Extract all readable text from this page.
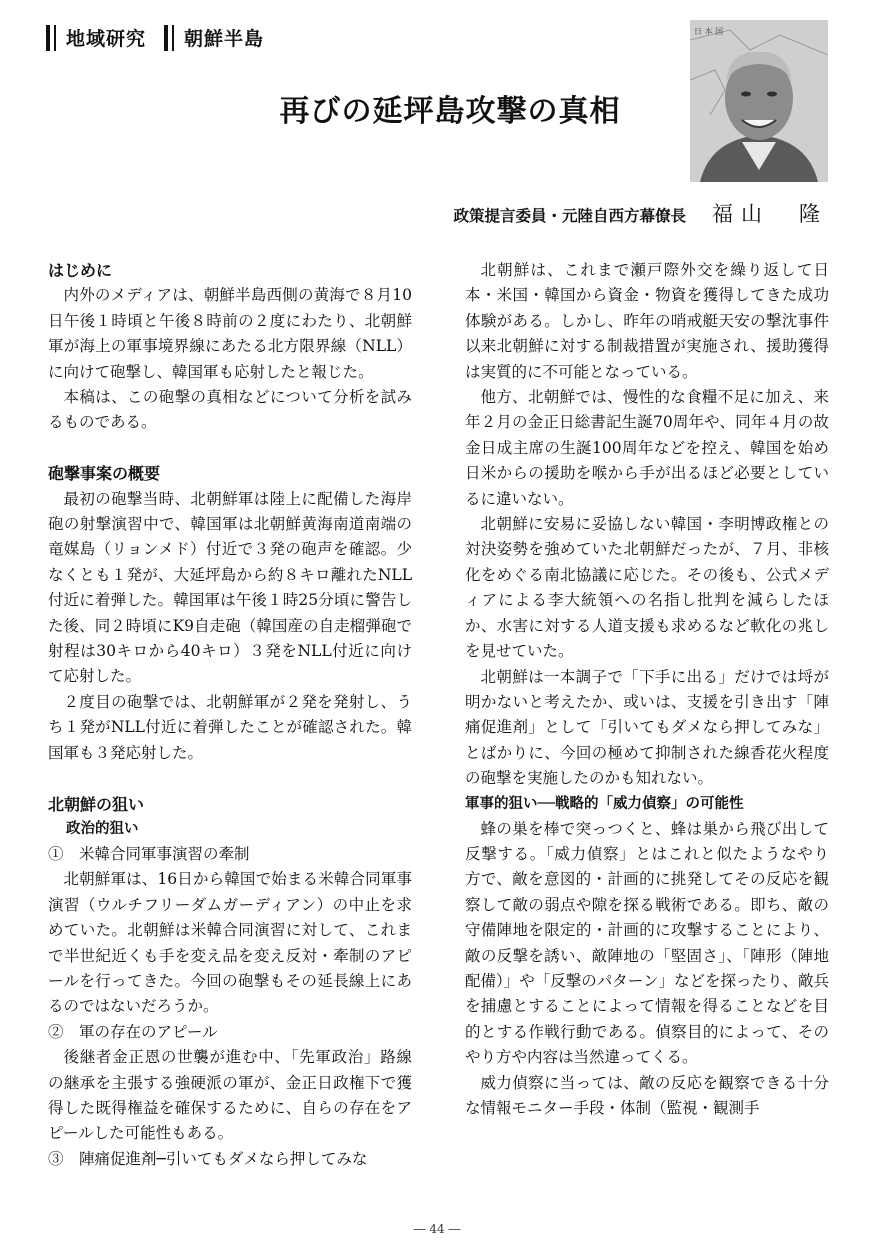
地域研究 朝鮮半島
再びの延坪島攻撃の真相
日 本 国
政策提言委員・元陸自西方幕僚長 福山　隆
はじめに

内外のメディアは、朝鮮半島西側の黄海で８月10日午後１時頃と午後８時前の２度にわたり、北朝鮮軍が海上の軍事境界線にあたる北方限界線（NLL）に向けて砲撃し、韓国軍も応射したと報じた。

本稿は、この砲撃の真相などについて分析を試みるものである。

砲撃事案の概要

最初の砲撃当時、北朝鮮軍は陸上に配備した海岸砲の射撃演習中で、韓国軍は北朝鮮黄海南道南端の竜媒島（リョンメド）付近で３発の砲声を確認。少なくとも１発が、大延坪島から約８キロ離れたNLL付近に着弾した。韓国軍は午後１時25分頃に警告した後、同２時頃にK9自走砲（韓国産の自走榴弾砲で射程は30キロから40キロ）３発をNLL付近に向けて応射した。

２度目の砲撃では、北朝鮮軍が２発を発射し、うち１発がNLL付近に着弾したことが確認された。韓国軍も３発応射した。

北朝鮮の狙い
政治的狙い

①　米韓合同軍事演習の牽制

北朝鮮軍は、16日から韓国で始まる米韓合同軍事演習（ウルチフリーダムガーディアン）の中止を求めていた。北朝鮮は米韓合同演習に対して、これまで半世紀近くも手を変え品を変え反対・牽制のアピールを行ってきた。今回の砲撃もその延長線上にあるのではないだろうか。

②　軍の存在のアピール

後継者金正恩の世襲が進む中、「先軍政治」路線の継承を主張する強硬派の軍が、金正日政権下で獲得した既得権益を確保するために、自らの存在をアピールした可能性もある。

③　陣痛促進剤─引いてもダメなら押してみな

北朝鮮は、これまで瀬戸際外交を繰り返して日本・米国・韓国から資金・物資を獲得してきた成功体験がある。しかし、昨年の哨戒艇天安の撃沈事件以来北朝鮮に対する制裁措置が実施され、援助獲得は実質的に不可能となっている。

他方、北朝鮮では、慢性的な食糧不足に加え、来年２月の金正日総書記生誕70周年や、同年４月の故金日成主席の生誕100周年などを控え、韓国を始め日米からの援助を喉から手が出るほど必要としているに違いない。

北朝鮮に安易に妥協しない韓国・李明博政権との対決姿勢を強めていた北朝鮮だったが、７月、非核化をめぐる南北協議に応じた。その後も、公式メディアによる李大統領への名指し批判を減らしたほか、水害に対する人道支援も求めるなど軟化の兆しを見せていた。

北朝鮮は一本調子で「下手に出る」だけでは埒が明かないと考えたか、或いは、支援を引き出す「陣痛促進剤」として「引いてもダメなら押してみな」とばかりに、今回の極めて抑制された線香花火程度の砲撃を実施したのかも知れない。

軍事的狙い──戦略的「威力偵察」の可能性

蜂の巣を棒で突っつくと、蜂は巣から飛び出して反撃する。「威力偵察」とはこれと似たようなやり方で、敵を意図的・計画的に挑発してその反応を観察して敵の弱点や隙を探る戦術である。即ち、敵の守備陣地を限定的・計画的に攻撃することにより、敵の反撃を誘い、敵陣地の「堅固さ」、「陣形（陣地配備）」や「反撃のパターン」などを探ったり、敵兵を捕慮とすることによって情報を得ることなどを目的とする作戦行動である。偵察目的によって、そのやり方や内容は当然違ってくる。

威力偵察に当っては、敵の反応を観察できる十分な情報モニター手段・体制（監視・観測手

― 44 ―
